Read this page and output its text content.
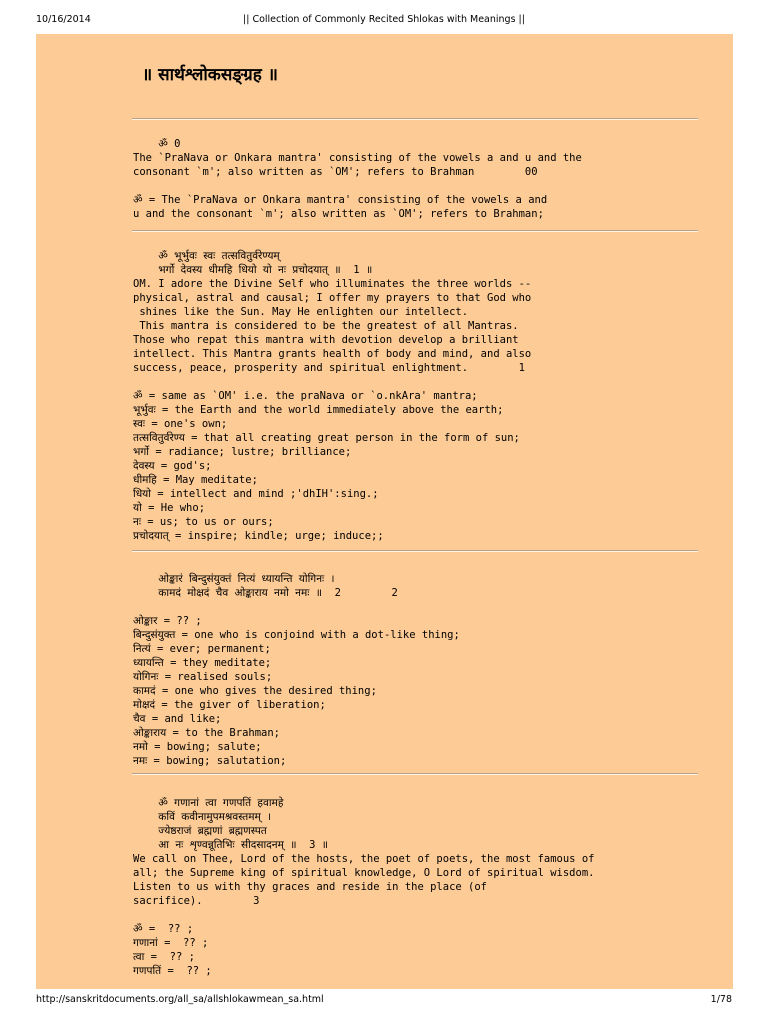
10/16/2014	|| Collection of Commonly Recited Shlokas with Meanings ||
॥ सार्थश्लोकसङ्ग्रह ॥
ॐ 0
The `PraNava or Onkara mantra' consisting of the vowels a and u and the
consonant `m'; also written as `OM'; refers to Brahman        00
ॐ = The `PraNava or Onkara mantra' consisting of the vowels a and
u and the consonant `m'; also written as `OM'; refers to Brahman;
ॐ भूर्भुवः स्वः तत्सवितुर्वरेण्यम्
भर्गो देवस्य धीमहि धियो यो नः प्रचोदयात् ॥  1 ॥
OM. I adore the Divine Self who illuminates the three worlds --
physical, astral and causal; I offer my prayers to that God who
shines like the Sun. May He enlighten our intellect.
This mantra is considered to be the greatest of all Mantras.
Those who repat this mantra with devotion develop a brilliant
intellect. This Mantra grants health of body and mind, and also
success, peace, prosperity and spiritual enlightment.        1
ॐ = same as `OM' i.e. the praNava or `o.nkAra' mantra;
भूर्भुवः = the Earth and the world immediately above the earth;
स्वः = one's own;
तत्सवितुर्वरेण्य = that all creating great person in the form of sun;
भर्गो = radiance; lustre; brilliance;
देवस्य = god's;
धीमहि = May meditate;
धियो = intellect and mind ;'dhIH':sing.;
यो = He who;
नः = us; to us or ours;
प्रचोदयात् = inspire; kindle; urge; induce;;
ओङ्कारं बिन्दुसंयुक्तं नित्यं ध्यायन्ति योगिनः ।
कामदं मोक्षदं चैव ओङ्काराय नमो नमः ॥  2        2
ओङ्कार = ?? ;
बिन्दुसंयुक्त = one who is conjoind with a dot-like thing;
नित्यं = ever; permanent;
ध्यायन्ति = they meditate;
योगिनः = realised souls;
कामदं = one who gives the desired thing;
मोक्षदं = the giver of liberation;
चैव = and like;
ओङ्काराय = to the Brahman;
नमो = bowing; salute;
नमः = bowing; salutation;
ॐ गणानां त्वा गणपतिं हवामहे
कविं कवीनामुपमश्रवस्तमम् ।
ज्येष्ठराजं ब्रह्मणां ब्रह्मणस्पत
आ नः शृण्वन्नूतिभिः सीदसादनम् ॥  3 ॥
We call on Thee, Lord of the hosts, the poet of poets, the most famous of
all; the Supreme king of spiritual knowledge, O Lord of spiritual wisdom.
Listen to us with thy graces and reside in the place (of
sacrifice).        3
ॐ =  ?? ;
गणानां =  ?? ;
त्वा =  ?? ;
गणपतिं =  ?? ;
http://sanskritdocuments.org/all_sa/allshlokawmean_sa.html	1/78
